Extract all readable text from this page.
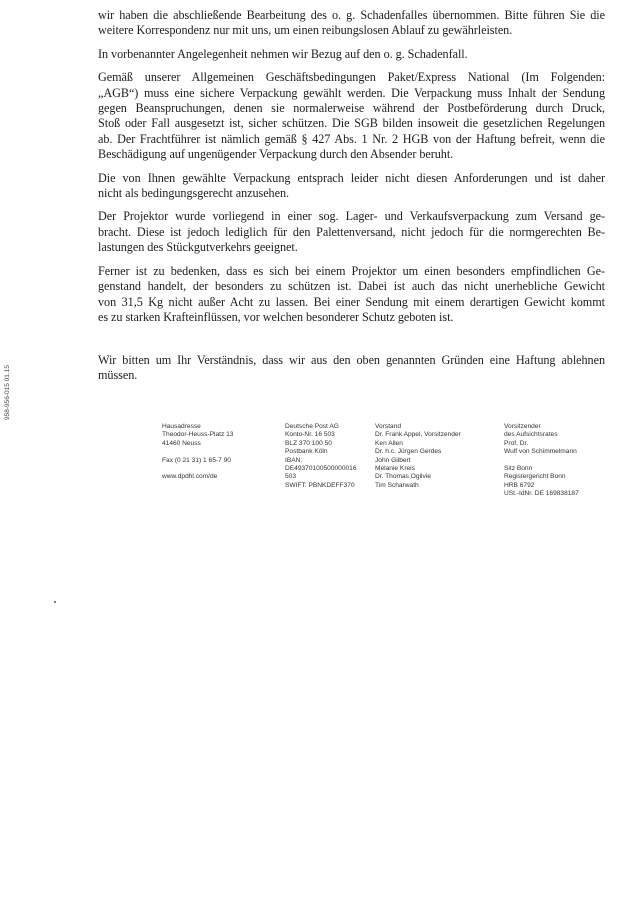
wir haben die abschließende Bearbeitung des o. g. Schadenfalles übernommen. Bitte führen Sie die
weitere Korrespondenz nur mit uns, um einen reibungslosen Ablauf zu gewährleisten.

In vorbenannter Angelegenheit nehmen wir Bezug auf den o. g. Schadenfall.

Gemäß unserer Allgemeinen Geschäftsbedingungen Paket/Express National (Im Folgenden:
„AGB“) muss eine sichere Verpackung gewählt werden. Die Verpackung muss Inhalt der Sendung
gegen Beanspruchungen, denen sie normalerweise während der Postbeförderung durch Druck,
Stoß oder Fall ausgesetzt ist, sicher schützen. Die SGB bilden insoweit die gesetzlichen Regelungen
ab. Der Frachtführer ist nämlich gemäß § 427 Abs. 1 Nr. 2 HGB von der Haftung befreit, wenn die
Beschädigung auf ungenügender Verpackung durch den Absender beruht.

Die von Ihnen gewählte Verpackung entsprach leider nicht diesen Anforderungen und ist daher
nicht als bedingungsgerecht anzusehen.

Der Projektor wurde vorliegend in einer sog. Lager- und Verkaufsverpackung zum Versand ge-
bracht. Diese ist jedoch lediglich für den Palettenversand, nicht jedoch für die normgerechten Be-
lastungen des Stückgutverkehrs geeignet.

Ferner ist zu bedenken, dass es sich bei einem Projektor um einen besonders empfindlichen Ge-
genstand handelt, der besonders zu schützen ist. Dabei ist auch das nicht unerhebliche Gewicht
von 31,5 Kg nicht außer Acht zu lassen. Bei einer Sendung mit einem derartigen Gewicht kommt
es zu starken Krafteinflüssen, vor welchen besonderer Schutz geboten ist.

Wir bitten um Ihr Verständnis, dass wir aus den oben genannten Gründen eine Haftung ablehnen
müssen.

958-956-015 01.15
Hausadresse
Theodor-Heuss-Platz 13
41460 Neuss
Fax (0 21 31) 1 65-7 90
www.dpdhl.com/de
Deutsche Post AG
Konto-Nr. 16 503
BLZ 370 100 50
Postbank Köln
IBAN:
DE49370100500000016
503
SWIFT: PBNKDEFF370
Vorstand
Dr. Frank Appel, Vorsitzender
Ken Allen
Dr. h.c. Jürgen Gerdes
John Gilbert
Melanie Kreis
Dr. Thomas Ogilvie
Tim Scharwath
Vorsitzender
des Aufsichtsrates
Prof. Dr.
Wulf von Schimmelmann
Sitz Bonn
Registergericht Bonn
HRB 6792
USt.-IdNr. DE 169838187
